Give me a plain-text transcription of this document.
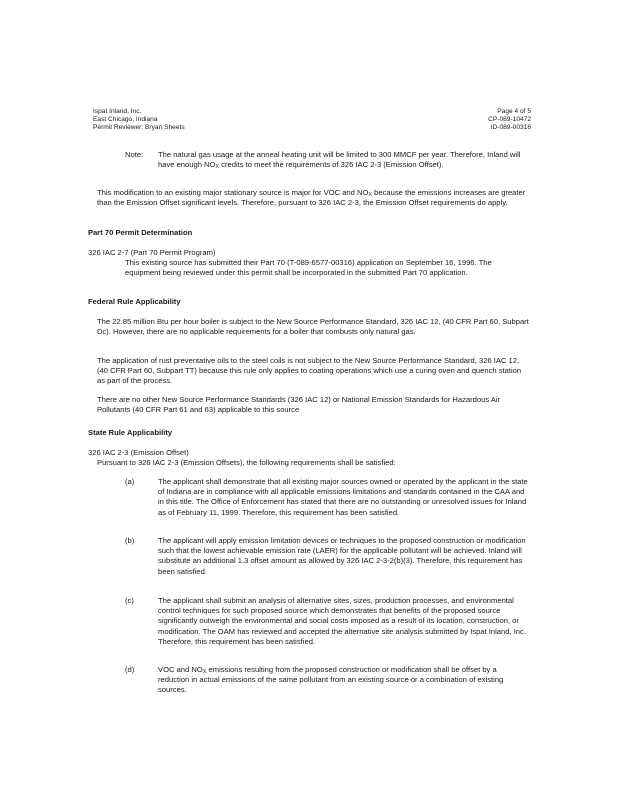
Ispat Inland, Inc.
East Chicago, Indiana
Permit Reviewer: Bryan Sheets
Page 4 of 5
CP-089-10472
ID-089-00316
Note: The natural gas usage at the anneal heating unit will be limited to 300 MMCF per year. Therefore, Inland will have enough $NO_X$ credits to meet the requirements of 326 IAC 2-3 (Emission Offset).
This modification to an existing major stationary source is major for VOC and $NO_X$ because the emissions increases are greater than the Emission Offset significant levels. Therefore, pursuant to 326 IAC 2-3, the Emission Offset requirements do apply.
Part 70 Permit Determination
326 IAC 2-7 (Part 70 Permit Program)
This existing source has submitted their Part 70 (T-089-6577-00316) application on September 16, 1996. The equipment being reviewed under this permit shall be incorporated in the submitted Part 70 application.
Federal Rule Applicability
The 22.85 million Btu per hour boiler is subject to the New Source Performance Standard, 326 IAC 12, (40 CFR Part 60, Subpart Dc). However, there are no applicable requirements for a boiler that combusts only natural gas.
The application of rust preventative oils to the steel coils is not subject to the New Source Performance Standard, 326 IAC 12, (40 CFR Part 60, Subpart TT) because this rule only applies to coating operations which use a curing oven and quench station as part of the process.
There are no other New Source Performance Standards (326 IAC 12) or National Emission Standards for Hazardous Air Pollutants (40 CFR Part 61 and 63) applicable to this source
State Rule Applicability
326 IAC 2-3 (Emission Offset)
Pursuant to 326 IAC 2-3 (Emission Offsets), the following requirements shall be satisfied:
(a)	The applicant shall demonstrate that all existing major sources owned or operated by the applicant in the state of Indiana are in compliance with all applicable emissions limitations and standards contained in the CAA and in this title. The Office of Enforcement has stated that there are no outstanding or unresolved issues for Inland as of February 11, 1999. Therefore, this requirement has been satisfied.
(b)	The applicant will apply emission limitation devices or techniques to the proposed construction or modification such that the lowest achievable emission rate (LAER) for the applicable pollutant will be achieved. Inland will substitute an additional 1.3 offset amount as allowed by 326 IAC 2-3-2(b)(3). Therefore, this requirement has been satisfied.
(c)	The applicant shall submit an analysis of alternative sites, sizes, production processes, and environmental control techniques for such proposed source which demonstrates that benefits of the proposed source significantly outweigh the environmental and social costs imposed as a result of its location, construction, or modification. The OAM has reviewed and accepted the alternative site analysis submitted by Ispat Inland, Inc. Therefore, this requirement has been satisfied.
(d)	VOC and $NO_X$ emissions resulting from the proposed construction or modification shall be offset by a reduction in actual emissions of the same pollutant from an existing source or a combination of existing sources.
